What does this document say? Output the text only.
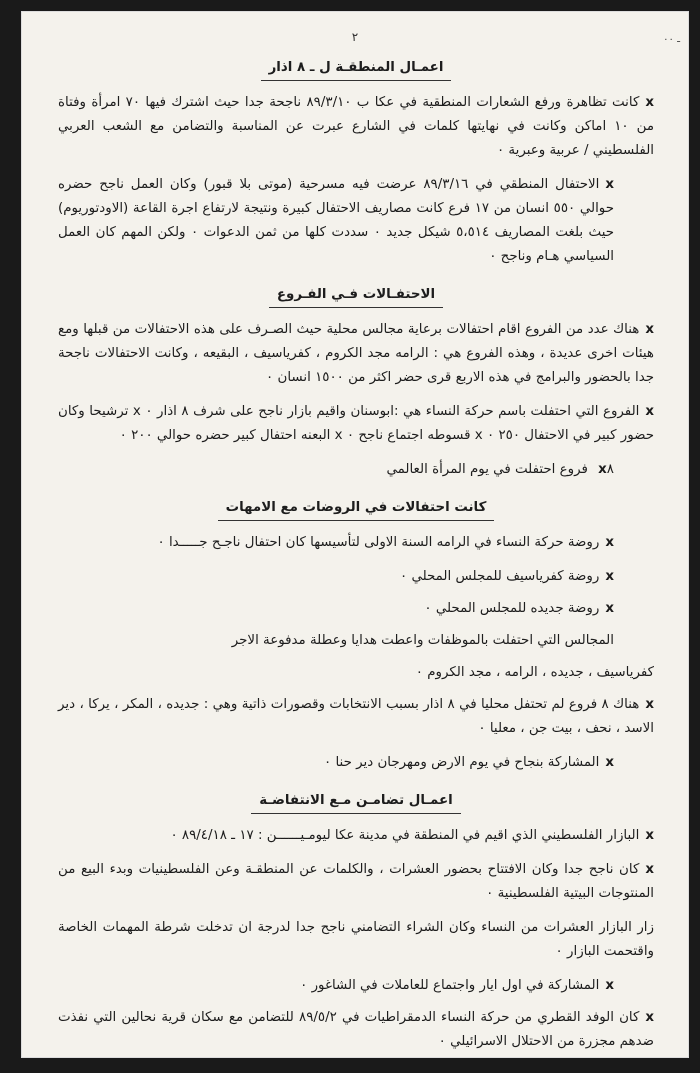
٢	ـ ٠٠
اعمـال المنطقـة ل ـ ٨ اذار

xكانت تظاهرة ورفع الشعارات المنطقية في عكا ب ٨٩/٣/١٠ ناجحة جدا حيث اشترك فيها ٧٠ امرأة وفتاة من ١٠ اماكن وكانت في نهايتها كلمات في الشارع عبرت عن المناسبة والتضامن مع الشعب العربي الفلسطيني / عربية وعبرية ٠

xالاحتفال المنطقي في ٨٩/٣/١٦ عرضت فيه مسرحية (موتى بلا قبور) وكان العمل ناجح حضره حوالي ٥٥٠ انسان من ١٧ فرع كانت مصاريف الاحتفال كبيرة ونتيجة لارتفاع اجرة القاعة (الاودتوريوم) حيث بلغت المصاريف ٥،٥١٤ شيكل جديد ٠ سددت كلها من ثمن الدعوات ٠ ولكن المهم كان العمل السياسي هـام وناجح ٠

الاحتفـالات فـي الفـروع

xهناك عدد من الفروع اقام احتفالات برعاية مجالس محلية حيث الصـرف على هذه الاحتفالات من قبلها ومع هيئات اخرى عديدة ، وهذه الفروع هي : الرامه مجد الكروم ، كفرياسيف ، البقيعه ، وكانت الاحتفالات ناجحة جدا بالحضور والبرامج في هذه الاربع قرى حضر اكثر من ١٥٠٠ انسان ٠

xالفروع التي احتفلت باسم حركة النساء هي :ابوسنان واقيم بازار ناجح على شرف ٨ اذار ٠ x ترشيحا وكان حضور كبير في الاحتفال ٢٥٠ ٠ x قسوطه اجتماع ناجح ٠ x البعنه احتفال كبير حضره حوالي ٢٠٠ ٠

x٨ فروع احتفلت في يوم المرأة العالمي

كانت احتفالات في الروضات مع الامهات

xروضة حركة النساء في الرامه السنة الاولى لتأسيسها كان احتفال ناجـح جـــــدا ٠

xروضة كفرياسيف للمجلس المحلي ٠

xروضة جديده للمجلس المحلي ٠

المجالس التي احتفلت بالموظفات واعطت هدايا وعطلة مدفوعة الاجر

كفرياسيف ، جديده ، الرامه ، مجد الكروم ٠

xهناك ٨ فروع لم تحتفل محليا في ٨ اذار بسبب الانتخابات وقصورات ذاتية وهي : جديده ، المكر ، يركا ، دير الاسد ، نحف ، بيت جن ، معليا ٠

xالمشاركة بنجاح في يوم الارض ومهرجان دير حنا ٠

اعمـال تضامـن مـع الانتفاضـة

xالبازار الفلسطيني الذي اقيم في المنطقة في مدينة عكا ليومـيــــــن : ١٧ ـ ٨٩/٤/١٨ ٠

xكان ناجح جدا وكان الافتتاح بحضور العشرات ، والكلمات عن المنطقـة وعن الفلسطينيات وبدء البيع من المنتوجات البيتية الفلسطينية ٠

زار البازار العشرات من النساء وكان الشراء التضامني ناجح جدا لدرجة ان تدخلت شرطة المهمات الخاصة واقتحمت البازار ٠

xالمشاركة في اول ايار واجتماع للعاملات في الشاغور ٠

xكان الوفد القطري من حركة النساء الدمقراطيات في ٨٩/٥/٢ للتضامن مع سكان قرية نحالين التي نفذت ضدهم مجزرة من الاحتلال الاسرائيلي ٠
